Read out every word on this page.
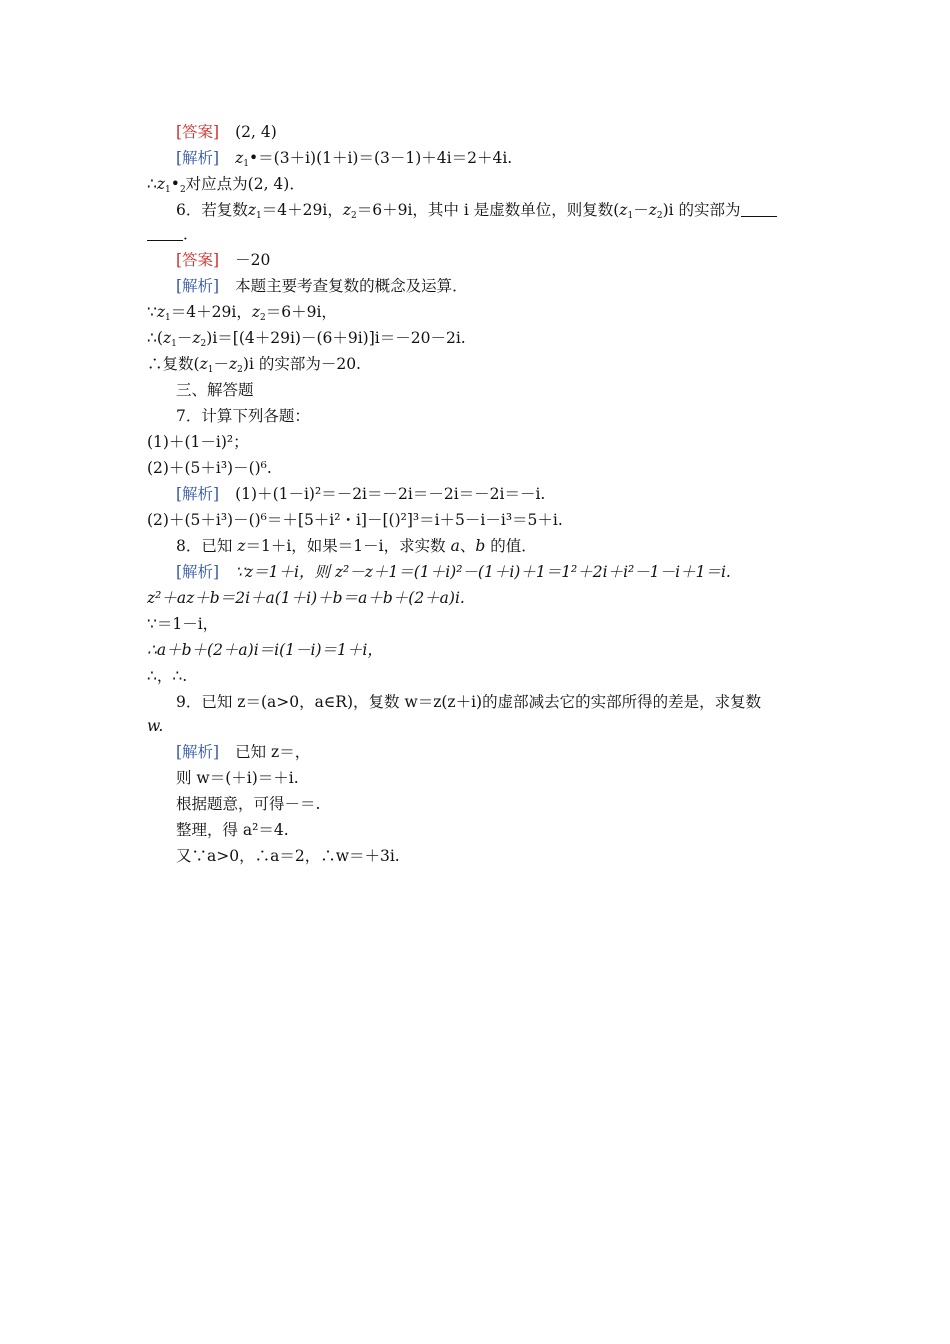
[答案] (2, 4)
[解析] $z_1•=(3+i)(1+i)=(3-1)+4i=2+4i$.
$\therefore z_1•_2$对应点为(2, 4)．
6．若复数$z_1=4+29i$，$z_2=6+9i$，其中 i 是虚数单位，则复数$(z_1-z_2)i$ 的实部为
．
[答案] －20
[解析] 本题主要考查复数的概念及运算．
$\because z_1=4+29i$，$z_2=6+9i$，
$\therefore(z_1-z_2)i=[(4+29i)-(6+9i)]i=-20-2i$.
∴复数$(z_1-z_2)i$ 的实部为－20.
三、解答题
7．计算下列各题：
(1)＋(1－i)²；
(2)＋(5＋i³)－()⁶.
[解析] (1)＋(1－i)²＝－2i＝－2i＝－2i＝－2i＝－i.
(2)＋(5＋i³)－()⁶＝＋[5＋i²・i]－[()²]³＝i＋5－i－i³＝5＋i.
8．已知 z＝1＋i，如果＝1－i，求实数 a、b 的值．
[解析] ∵z＝1＋i，则 z²－z＋1＝(1＋i)²－(1＋i)＋1＝1²＋2i＋i²－1－i＋1＝i.
z²＋az＋b＝2i＋a(1＋i)＋b＝a＋b＋(2＋a)i.
∵＝1－i，
∴a＋b＋(2＋a)i＝i(1－i)＝1＋i，
∴，∴.
9．已知 z＝(a>0，a∈R)，复数 w＝z(z＋i)的虚部减去它的实部所得的差是，求复数
w.
[解析] 已知 z＝，
则 w＝(＋i)＝＋i.
根据题意，可得－＝.
整理，得 a²＝4.
又∵a>0，∴a＝2，∴w＝＋3i.
